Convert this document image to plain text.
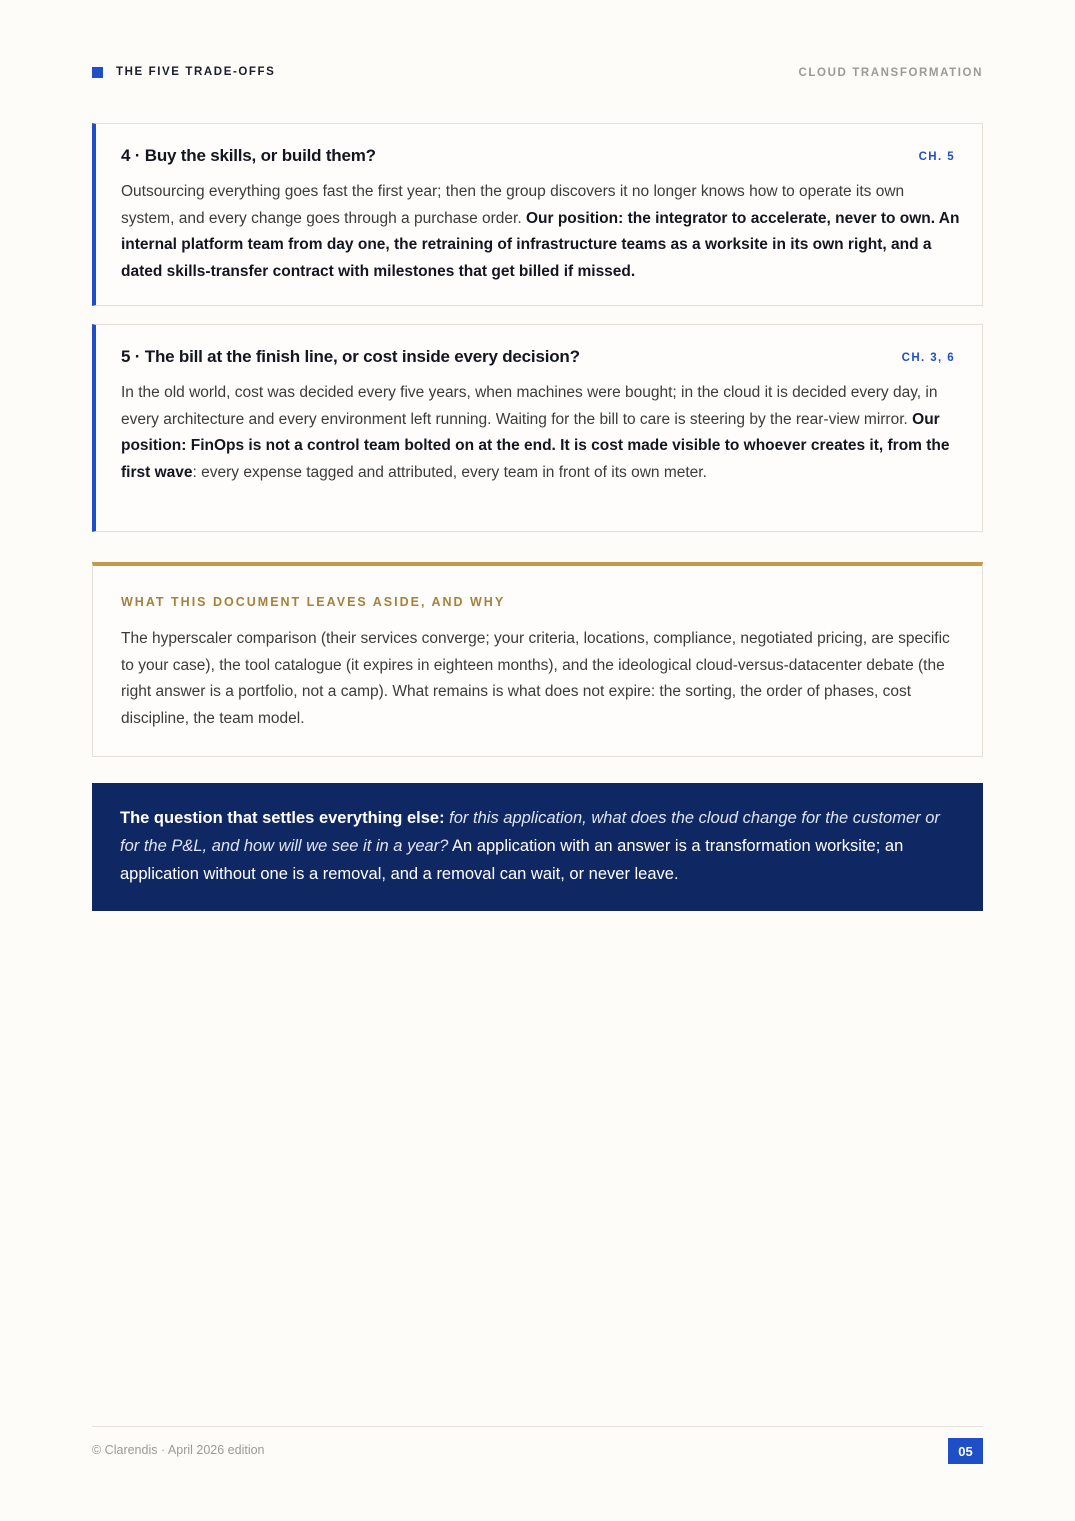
THE FIVE TRADE-OFFS	CLOUD TRANSFORMATION
4 · Buy the skills, or build them?	CH. 5
Outsourcing everything goes fast the first year; then the group discovers it no longer knows how to operate its own system, and every change goes through a purchase order. Our position: the integrator to accelerate, never to own. An internal platform team from day one, the retraining of infrastructure teams as a worksite in its own right, and a dated skills-transfer contract with milestones that get billed if missed.
5 · The bill at the finish line, or cost inside every decision?	CH. 3, 6
In the old world, cost was decided every five years, when machines were bought; in the cloud it is decided every day, in every architecture and every environment left running. Waiting for the bill to care is steering by the rear-view mirror. Our position: FinOps is not a control team bolted on at the end. It is cost made visible to whoever creates it, from the first wave: every expense tagged and attributed, every team in front of its own meter.
WHAT THIS DOCUMENT LEAVES ASIDE, AND WHY
The hyperscaler comparison (their services converge; your criteria, locations, compliance, negotiated pricing, are specific to your case), the tool catalogue (it expires in eighteen months), and the ideological cloud-versus-datacenter debate (the right answer is a portfolio, not a camp). What remains is what does not expire: the sorting, the order of phases, cost discipline, the team model.
The question that settles everything else: for this application, what does the cloud change for the customer or for the P&L, and how will we see it in a year? An application with an answer is a transformation worksite; an application without one is a removal, and a removal can wait, or never leave.
© Clarendis · April 2026 edition	05
